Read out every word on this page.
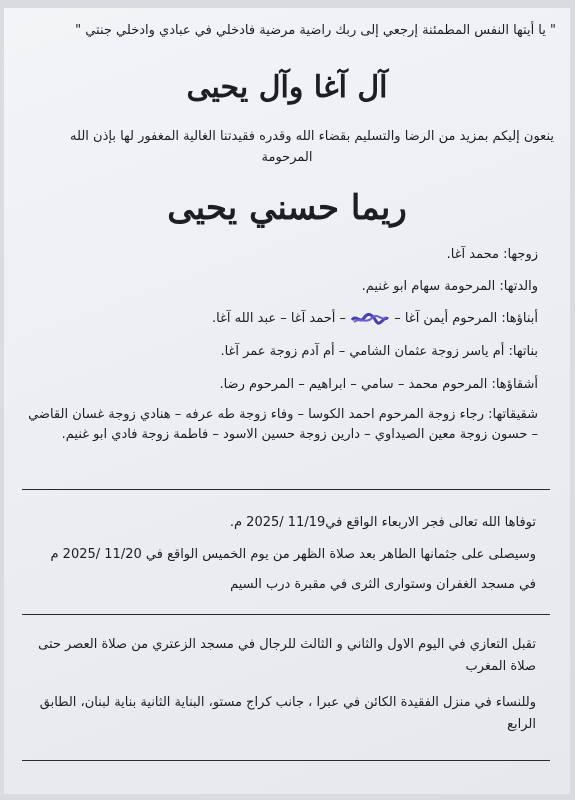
" يا أيتها النفس المطمئنة إرجعي إلى ربك راضية مرضية فادخلي في عبادي وادخلي جنتي "
آل آغا وآل يحيى
ينعون إليكم بمزيد من الرضا والتسليم بقضاء الله وقدره فقيدتنا الغالية المغفور لها بإذن الله
المرحومة
ريما حسني يحيى
زوجها: محمد آغا.
والدتها: المرحومة سهام ابو غنيم.
أبناؤها: المرحوم أيمن آغا –  – أحمد آغا – عبد الله آغا.
بناتها: أم ياسر زوجة عثمان الشامي – أم آدم زوجة عمر آغا.
أشقاؤها: المرحوم محمد – سامي – ابراهيم – المرحوم رضا.
شقيقاتها: رجاء زوجة المرحوم احمد الكوسا – وفاء زوجة طه عرفه – هنادي زوجة غسان القاضي – حسون زوجة معين الصيداوي – دارين زوجة حسين الاسود – فاطمة زوجة فادي ابو غنيم.
توفاها الله تعالى فجر الاربعاء الواقع في11/19 /2025 م.
وسيصلى على جثمانها الطاهر بعد صلاة الظهر من يوم الخميس الواقع في 11/20 /2025 م
في مسجد الغفران وستوارى الثرى في مقبرة درب السيم
تقبل التعازي في اليوم الاول والثاني و الثالث للرجال في مسجد الزعتري من صلاة العصر حتى صلاة المغرب
وللنساء في منزل الفقيدة الكائن في عبرا ، جانب كراج مستو، البناية الثانية بناية لبنان، الطابق الرابع
